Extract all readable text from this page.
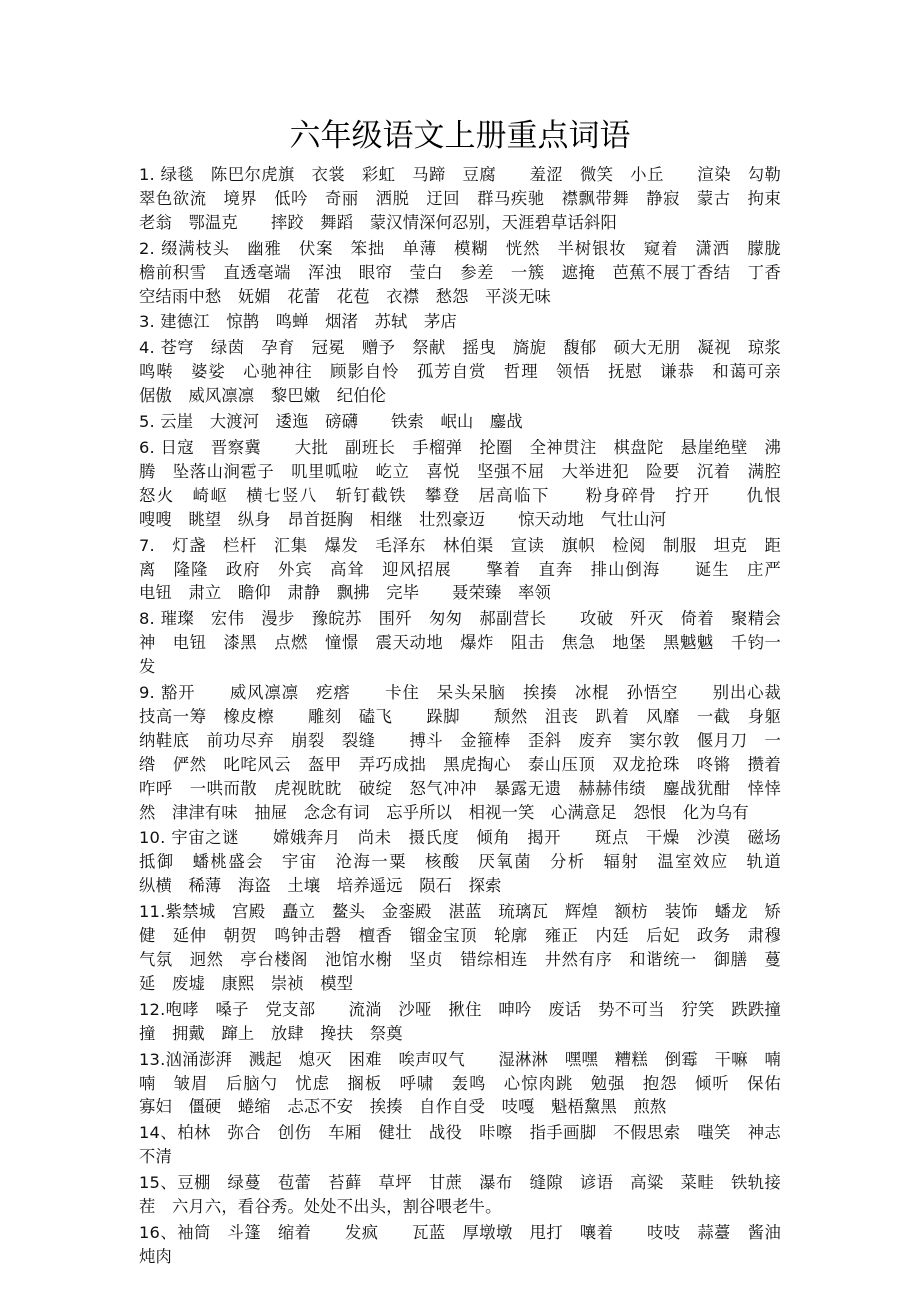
六年级语文上册重点词语

1. 绿毯　陈巴尔虎旗　衣裳　彩虹　马蹄　豆腐　　羞涩　微笑　小丘　　渲染　勾勒　翠色欲流　境界　低吟　奇丽　洒脱　迂回　群马疾驰　襟飘带舞　静寂　蒙古　拘束　老翁　鄂温克　　摔跤　舞蹈　蒙汉情深何忍别，天涯碧草话斜阳

2. 缀满枝头　幽雅　伏案　笨拙　单薄　模糊　恍然　半树银妆　窥着　潇洒　朦胧　檐前积雪　直透毫端　浑浊　眼帘　莹白　参差　一簇　遮掩　芭蕉不展丁香结　丁香空结雨中愁　妩媚　花蕾　花苞　衣襟　愁怨　平淡无味

3. 建德江　惊鹊　鸣蝉　烟渚　苏轼　茅店

4. 苍穹　绿茵　孕育　冠冕　赠予　祭献　摇曳　旖旎　馥郁　硕大无朋　凝视　琼浆　鸣啭　婆娑　心驰神往　顾影自怜　孤芳自赏　哲理　领悟　抚慰　谦恭　和蔼可亲　倨傲　威风凛凛　黎巴嫩　纪伯伦

5. 云崖　大渡河　逶迤　磅礴　　铁索　岷山　鏖战

6. 日寇　晋察冀　　大批　副班长　手榴弹　抡圈　全神贯注　棋盘陀　悬崖绝壁　沸腾　坠落山涧雹子　叽里呱啦　屹立　喜悦　坚强不屈　大举进犯　险要　沉着　满腔怒火　崎岖　横七竖八　斩钉截铁　攀登　居高临下　　粉身碎骨　拧开　　仇恨　　嗖嗖　眺望　纵身　昂首挺胸　相继　壮烈豪迈　　惊天动地　气壮山河

7.　灯盏　栏杆　汇集　爆发　毛泽东　林伯渠　宣读　旗帜　检阅　制服　坦克　距离　隆隆　政府　外宾　高耸　迎风招展　　擎着　直奔　排山倒海　　诞生　庄严　电钮　肃立　瞻仰　肃静　飘拂　完毕　　聂荣臻　率领

8. 璀璨　宏伟　漫步　豫皖苏　围歼　匆匆　郝副营长　　攻破　歼灭　倚着　聚精会神　电钮　漆黑　点燃　憧憬　震天动地　爆炸　阻击　焦急　地堡　黑魆魆　千钧一发

9. 豁开　　威风凛凛　疙瘩　　卡住　呆头呆脑　挨揍　冰棍　孙悟空　　别出心裁　　技高一筹　橡皮檫　　雕刻　磕飞　　跺脚　　颓然　沮丧　趴着　风靡　一截　身躯　纳鞋底　前功尽弃　崩裂　裂缝　　搏斗　金箍棒　歪斜　废弃　窦尔敦　偃月刀　一绺　俨然　叱咤风云　盔甲　弄巧成拙　黑虎掏心　泰山压顶　双龙抢珠　咚锵　攒着　咋呼　一哄而散　虎视眈眈　破绽　怒气冲冲　暴露无遗　赫赫伟绩　鏖战犹酣　悻悻然　津津有味　抽屉　念念有词　忘乎所以　相视一笑　心满意足　怨恨　化为乌有

10. 宇宙之谜　　嫦娥奔月　尚未　摄氏度　倾角　揭开　　斑点　干燥　沙漠　磁场　　抵御　蟠桃盛会　宇宙　沧海一粟　核酸　厌氧菌　分析　辐射　温室效应　轨道　　纵横　稀薄　海盗　土壤　培养遥远　陨石　探索

11.紫禁城　宫殿　矗立　鳌头　金銮殿　湛蓝　琉璃瓦　辉煌　额枋　装饰　蟠龙　矫健　延伸　朝贺　鸣钟击磬　檀香　镏金宝顶　轮廓　雍正　内廷　后妃　政务　肃穆　气氛　迥然　亭台楼阁　池馆水榭　坚贞　错综相连　井然有序　和谐统一　御膳　蔓延　废墟　康熙　崇祯　模型

12.咆哮　嗓子　党支部　　流淌　沙哑　揪住　呻吟　废话　势不可当　狞笑　跌跌撞撞　拥戴　蹿上　放肆　搀扶　祭奠

13.汹涌澎湃　溅起　熄灭　困难　唉声叹气　　湿淋淋　嘿嘿　糟糕　倒霉　干嘛　喃喃　皱眉　后脑勺　忧虑　搁板　呼啸　轰鸣　心惊肉跳　勉强　抱怨　倾听　保佑　寡妇　僵硬　蜷缩　忐忑不安　挨揍　自作自受　吱嘎　魁梧黧黑　煎熬

14、柏林　弥合　创伤　车厢　健壮　战役　咔嚓　指手画脚　不假思索　嗤笑　神志不清

15、豆棚　绿蔓　苞蕾　苔藓　草坪　甘蔗　瀑布　缝隙　谚语　高粱　菜畦　铁轨接茬　六月六，看谷秀。处处不出头，割谷喂老牛。

16、袖筒　斗篷　缩着　　发疯　　瓦蓝　厚墩墩　甩打　嚷着　　吱吱　蒜薹　酱油　炖肉
